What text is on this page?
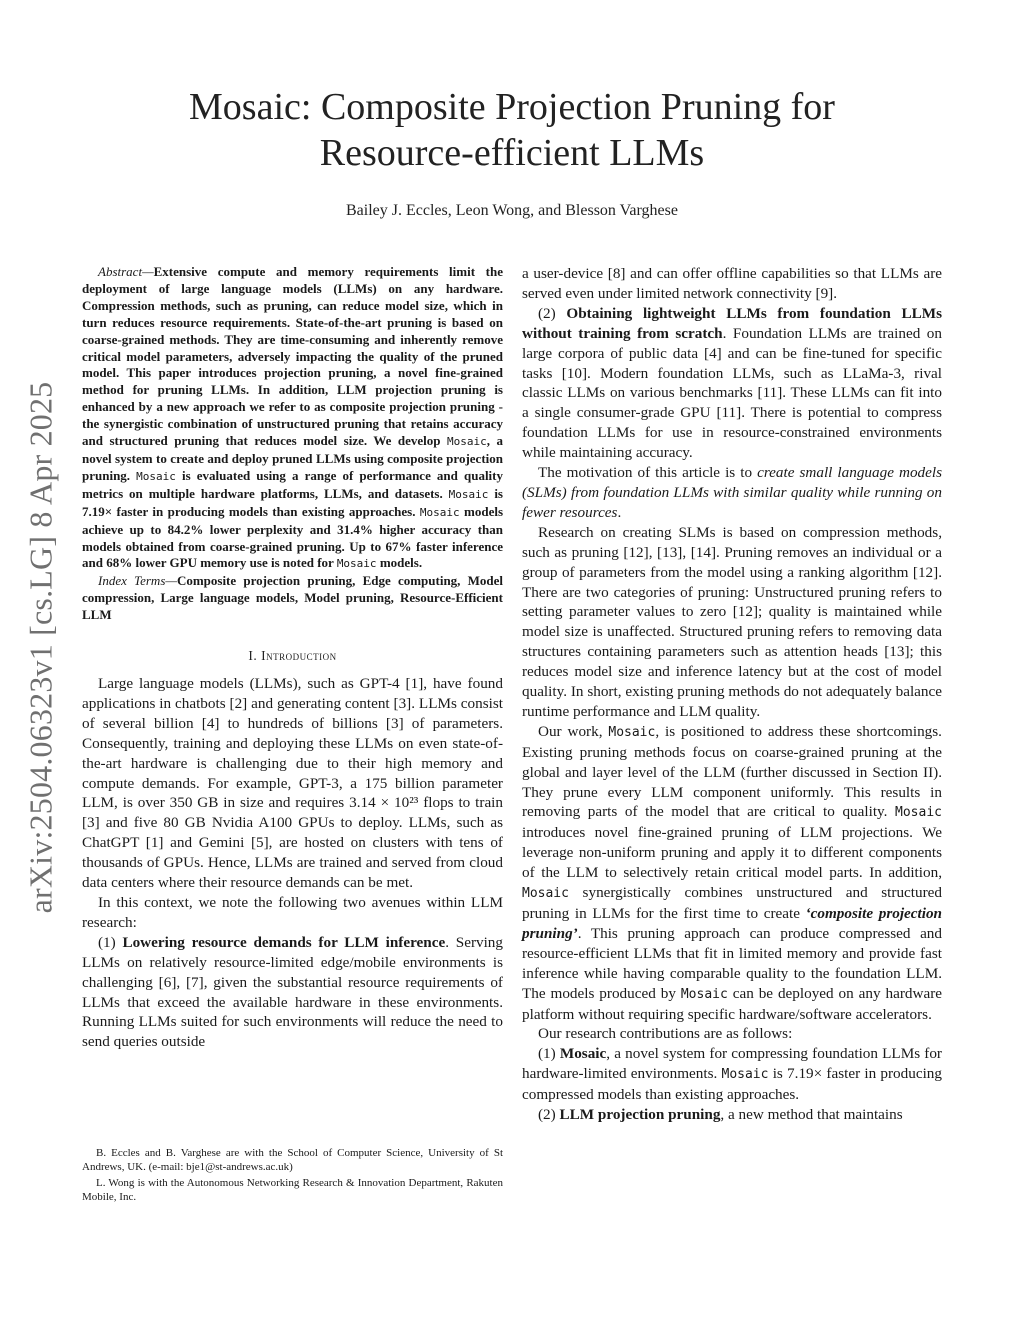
Mosaic: Composite Projection Pruning for
Resource-efficient LLMs
Bailey J. Eccles, Leon Wong, and Blesson Varghese
arXiv:2504.06323v1 [cs.LG] 8 Apr 2025

Abstract—Extensive compute and memory requirements limit the deployment of large language models (LLMs) on any hardware. Compression methods, such as pruning, can reduce model size, which in turn reduces resource requirements. State-of-the-art pruning is based on coarse-grained methods. They are time-consuming and inherently remove critical model parameters, adversely impacting the quality of the pruned model. This paper introduces projection pruning, a novel fine-grained method for pruning LLMs. In addition, LLM projection pruning is enhanced by a new approach we refer to as composite projection pruning - the synergistic combination of unstructured pruning that retains accuracy and structured pruning that reduces model size. We develop Mosaic, a novel system to create and deploy pruned LLMs using composite projection pruning. Mosaic is evaluated using a range of performance and quality metrics on multiple hardware platforms, LLMs, and datasets. Mosaic is 7.19× faster in producing models than existing approaches. Mosaic models achieve up to 84.2% lower perplexity and 31.4% higher accuracy than models obtained from coarse-grained pruning. Up to 67% faster inference and 68% lower GPU memory use is noted for Mosaic models.

Index Terms—Composite projection pruning, Edge computing, Model compression, Large language models, Model pruning, Resource-Efficient LLM

I. Introduction

Large language models (LLMs), such as GPT-4 [1], have found applications in chatbots [2] and generating content [3]. LLMs consist of several billion [4] to hundreds of billions [3] of parameters. Consequently, training and deploying these LLMs on even state-of-the-art hardware is challenging due to their high memory and compute demands. For example, GPT-3, a 175 billion parameter LLM, is over 350 GB in size and requires 3.14 × 10²³ flops to train [3] and five 80 GB Nvidia A100 GPUs to deploy. LLMs, such as ChatGPT [1] and Gemini [5], are hosted on clusters with tens of thousands of GPUs. Hence, LLMs are trained and served from cloud data centers where their resource demands can be met.

In this context, we note the following two avenues within LLM research:

(1) Lowering resource demands for LLM inference. Serving LLMs on relatively resource-limited edge/mobile environments is challenging [6], [7], given the substantial resource requirements of LLMs that exceed the available hardware in these environments. Running LLMs suited for such environments will reduce the need to send queries outside

a user-device [8] and can offer offline capabilities so that LLMs are served even under limited network connectivity [9].

(2) Obtaining lightweight LLMs from foundation LLMs without training from scratch. Foundation LLMs are trained on large corpora of public data [4] and can be fine-tuned for specific tasks [10]. Modern foundation LLMs, such as LLaMa-3, rival classic LLMs on various benchmarks [11]. These LLMs can fit into a single consumer-grade GPU [11]. There is potential to compress foundation LLMs for use in resource-constrained environments while maintaining accuracy.

The motivation of this article is to create small language models (SLMs) from foundation LLMs with similar quality while running on fewer resources.

Research on creating SLMs is based on compression methods, such as pruning [12], [13], [14]. Pruning removes an individual or a group of parameters from the model using a ranking algorithm [12]. There are two categories of pruning: Unstructured pruning refers to setting parameter values to zero [12]; quality is maintained while model size is unaffected. Structured pruning refers to removing data structures containing parameters such as attention heads [13]; this reduces model size and inference latency but at the cost of model quality. In short, existing pruning methods do not adequately balance runtime performance and LLM quality.

Our work, Mosaic, is positioned to address these shortcomings. Existing pruning methods focus on coarse-grained pruning at the global and layer level of the LLM (further discussed in Section II). They prune every LLM component uniformly. This results in removing parts of the model that are critical to quality. Mosaic introduces novel fine-grained pruning of LLM projections. We leverage non-uniform pruning and apply it to different components of the LLM to selectively retain critical model parts. In addition, Mosaic synergistically combines unstructured and structured pruning in LLMs for the first time to create ‘composite projection pruning’. This pruning approach can produce compressed and resource-efficient LLMs that fit in limited memory and provide fast inference while having comparable quality to the foundation LLM. The models produced by Mosaic can be deployed on any hardware platform without requiring specific hardware/software accelerators.

Our research contributions are as follows:

(1) Mosaic, a novel system for compressing foundation LLMs for hardware-limited environments. Mosaic is 7.19× faster in producing compressed models than existing approaches.

(2) LLM projection pruning, a new method that maintains

B. Eccles and B. Varghese are with the School of Computer Science, University of St Andrews, UK. (e-mail: bje1@st-andrews.ac.uk)

L. Wong is with the Autonomous Networking Research & Innovation Department, Rakuten Mobile, Inc.
